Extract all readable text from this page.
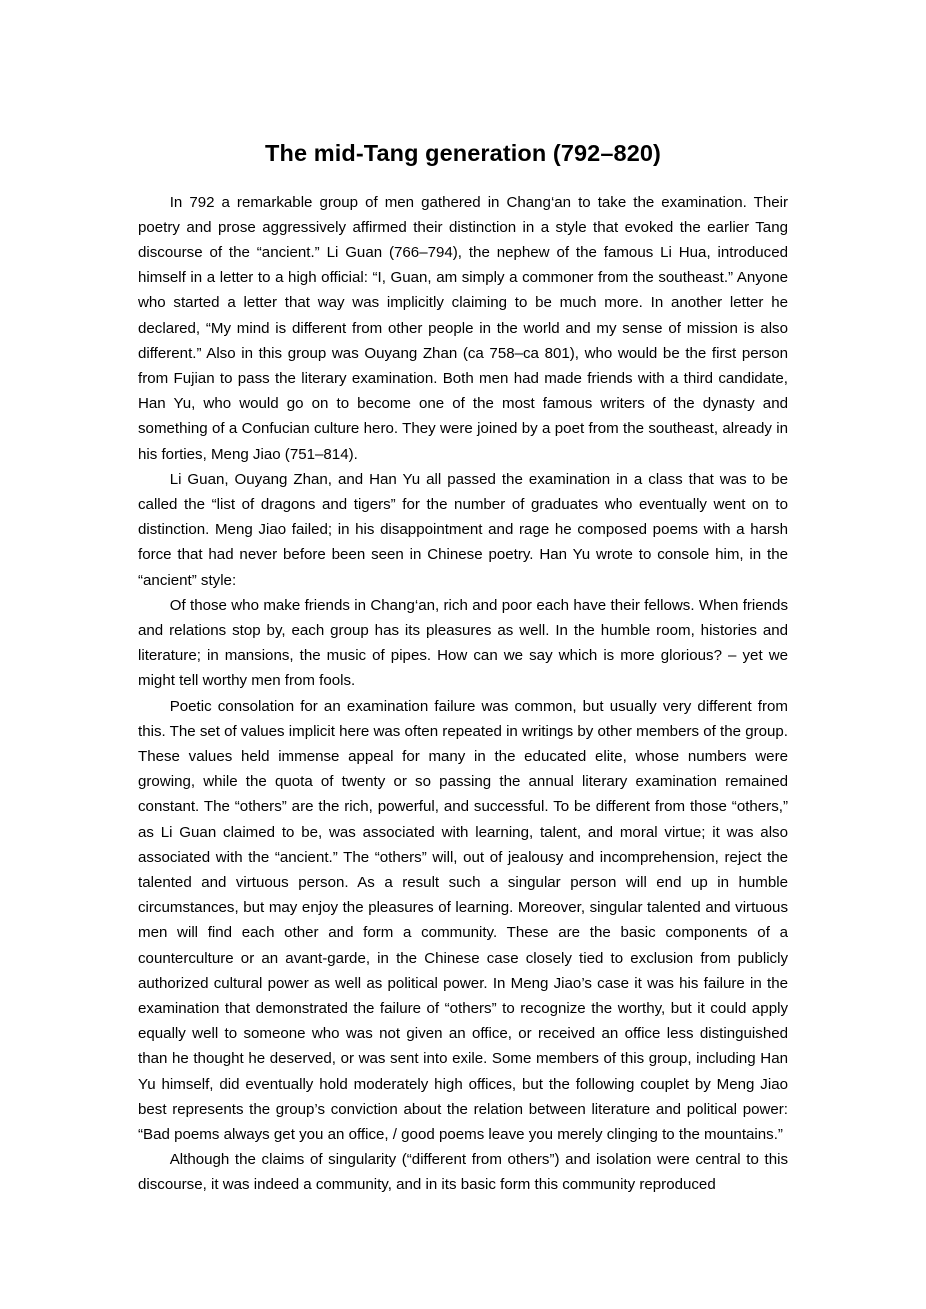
The mid-Tang generation (792–820)

In 792 a remarkable group of men gathered in Chang‘an to take the examination. Their poetry and prose aggressively affirmed their distinction in a style that evoked the earlier Tang discourse of the “ancient.” Li Guan (766–794), the nephew of the famous Li Hua, introduced himself in a letter to a high official: “I, Guan, am simply a commoner from the southeast.” Anyone who started a letter that way was implicitly claiming to be much more. In another letter he declared, “My mind is different from other people in the world and my sense of mission is also different.” Also in this group was Ouyang Zhan (ca 758–ca 801), who would be the first person from Fujian to pass the literary examination. Both men had made friends with a third candidate, Han Yu, who would go on to become one of the most famous writers of the dynasty and something of a Confucian culture hero. They were joined by a poet from the southeast, already in his forties, Meng Jiao (751–814).

Li Guan, Ouyang Zhan, and Han Yu all passed the examination in a class that was to be called the “list of dragons and tigers” for the number of graduates who eventually went on to distinction. Meng Jiao failed; in his disappointment and rage he composed poems with a harsh force that had never before been seen in Chinese poetry. Han Yu wrote to console him, in the “ancient” style:

Of those who make friends in Chang‘an, rich and poor each have their fellows. When friends and relations stop by, each group has its pleasures as well. In the humble room, histories and literature; in mansions, the music of pipes. How can we say which is more glorious? – yet we might tell worthy men from fools.

Poetic consolation for an examination failure was common, but usually very different from this. The set of values implicit here was often repeated in writings by other members of the group. These values held immense appeal for many in the educated elite, whose numbers were growing, while the quota of twenty or so passing the annual literary examination remained constant. The “others” are the rich, powerful, and successful. To be different from those “others,” as Li Guan claimed to be, was associated with learning, talent, and moral virtue; it was also associated with the “ancient.” The “others” will, out of jealousy and incomprehension, reject the talented and virtuous person. As a result such a singular person will end up in humble circumstances, but may enjoy the pleasures of learning. Moreover, singular talented and virtuous men will find each other and form a community. These are the basic components of a counterculture or an avant-garde, in the Chinese case closely tied to exclusion from publicly authorized cultural power as well as political power. In Meng Jiao’s case it was his failure in the examination that demonstrated the failure of “others” to recognize the worthy, but it could apply equally well to someone who was not given an office, or received an office less distinguished than he thought he deserved, or was sent into exile. Some members of this group, including Han Yu himself, did eventually hold moderately high offices, but the following couplet by Meng Jiao best represents the group’s conviction about the relation between literature and political power: “Bad poems always get you an office, / good poems leave you merely clinging to the mountains.”

Although the claims of singularity (“different from others”) and isolation were central to this discourse, it was indeed a community, and in its basic form this community reproduced
